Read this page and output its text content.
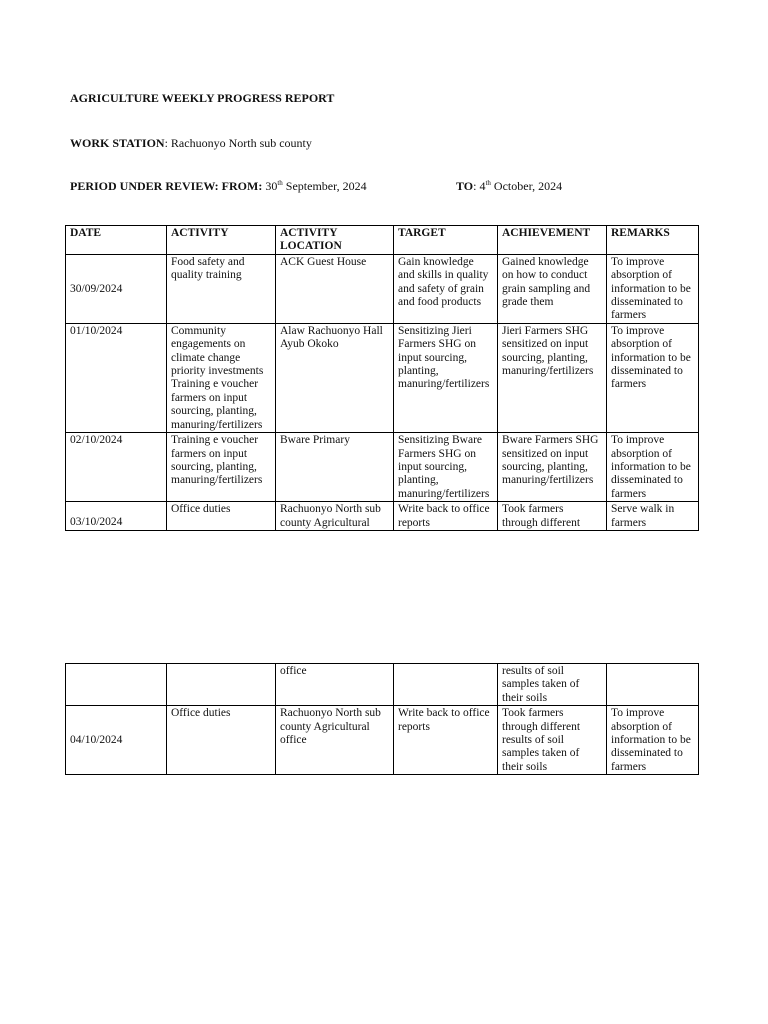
AGRICULTURE WEEKLY PROGRESS REPORT
WORK STATION: Rachuonyo North sub county
PERIOD UNDER REVIEW: FROM: 30th September, 2024	TO: 4th October, 2024
DATE	ACTIVITY	ACTIVITY LOCATION	TARGET	ACHIEVEMENT	REMARKS
30/09/2024	Food safety and quality training	ACK Guest House	Gain knowledge and skills in quality and safety of grain and food products	Gained knowledge on how to conduct grain sampling and grade them	To improve absorption of information to be disseminated to farmers
01/10/2024	Community engagements on climate change priority investments Training e voucher farmers on input sourcing, planting, manuring/fertilizers	Alaw Rachuonyo Hall Ayub Okoko	Sensitizing Jieri Farmers SHG on input sourcing, planting, manuring/fertilizers	Jieri Farmers SHG sensitized on input sourcing, planting, manuring/fertilizers	To improve absorption of information to be disseminated to farmers
02/10/2024	Training e voucher farmers on input sourcing, planting, manuring/fertilizers	Bware Primary	Sensitizing Bware Farmers SHG on input sourcing, planting, manuring/fertilizers	Bware Farmers SHG sensitized on input sourcing, planting, manuring/fertilizers	To improve absorption of information to be disseminated to farmers
03/10/2024	Office duties	Rachuonyo North sub county Agricultural	Write back to office reports	Took farmers through different	Serve walk in farmers
		office		results of soil samples taken of their soils	
04/10/2024	Office duties	Rachuonyo North sub county Agricultural office	Write back to office reports	Took farmers through different results of soil samples taken of their soils	To improve absorption of information to be disseminated to farmers
